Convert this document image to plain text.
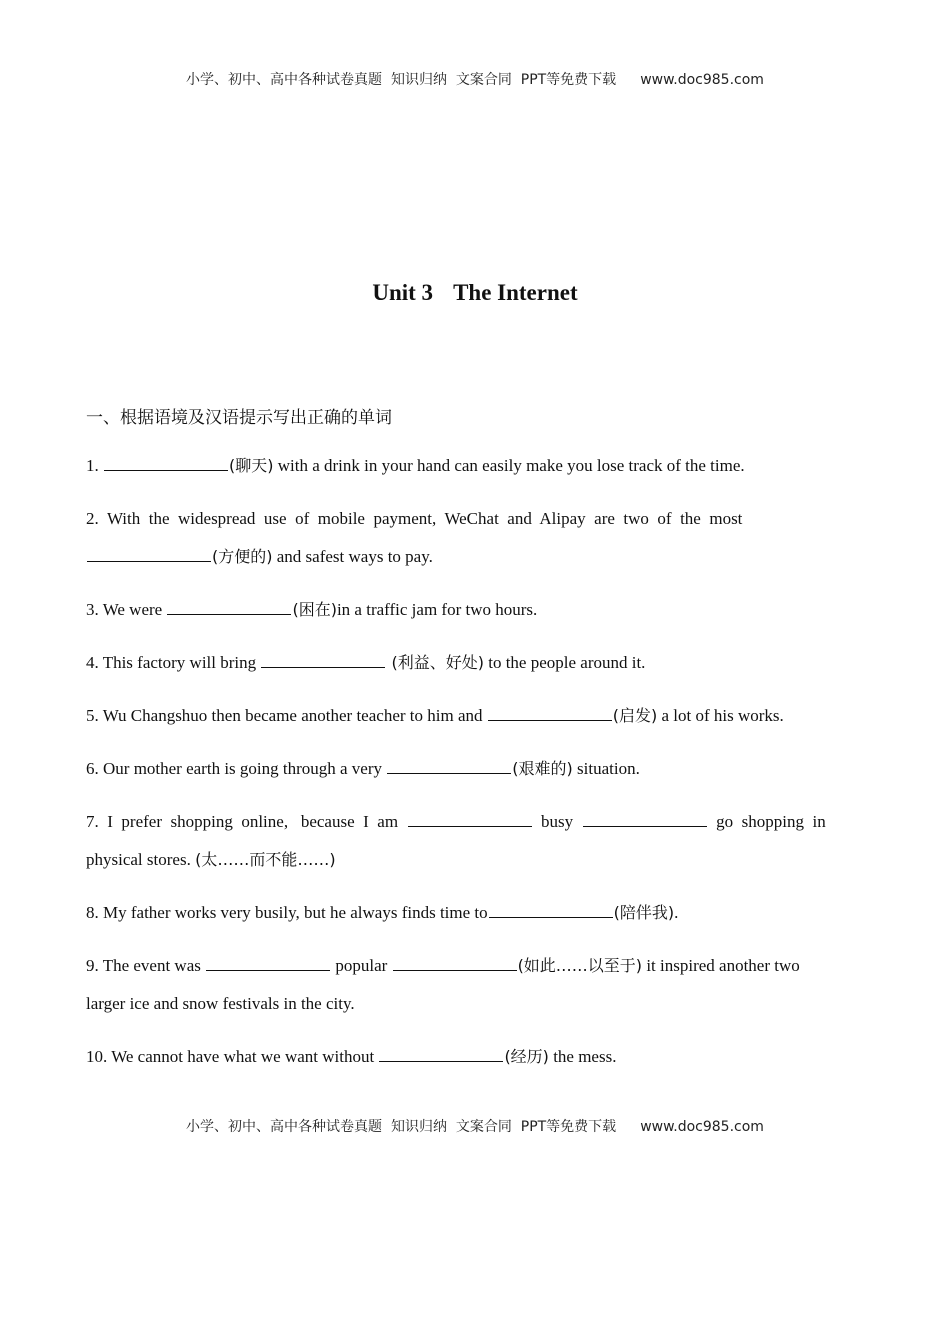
小学、初中、高中各种试卷真题  知识归纳  文案合同  PPT等免费下载 www.doc985.com
Unit 3 The Internet
一、根据语境及汉语提示写出正确的单词
1.	(聊天) with a drink in your hand can easily make you lose track of the time.
2.  With  the  widespread  use  of  mobile  payment,  WeChat  and  Alipay  are  two  of  the  most
(方便的) and safest ways to pay.
3. We were	(困在)in a traffic jam for two hours.
4. This factory will bring	(利益、好处) to the people around it.
5. Wu Changshuo then became another teacher to him and	(启发) a lot of his works.
6. Our mother earth is going through a very	(艰难的) situation.
7.  I  prefer  shopping  online,   because  I  am	busy	go  shopping  in
physical stores. (太……而不能……)
8. My father works very busily, but he always finds time to	(陪伴我).
9. The event was	popular	(如此……以至于) it inspired another two
larger ice and snow festivals in the city.
10. We cannot have what we want without	(经历) the mess.
小学、初中、高中各种试卷真题  知识归纳  文案合同  PPT等免费下载 www.doc985.com
